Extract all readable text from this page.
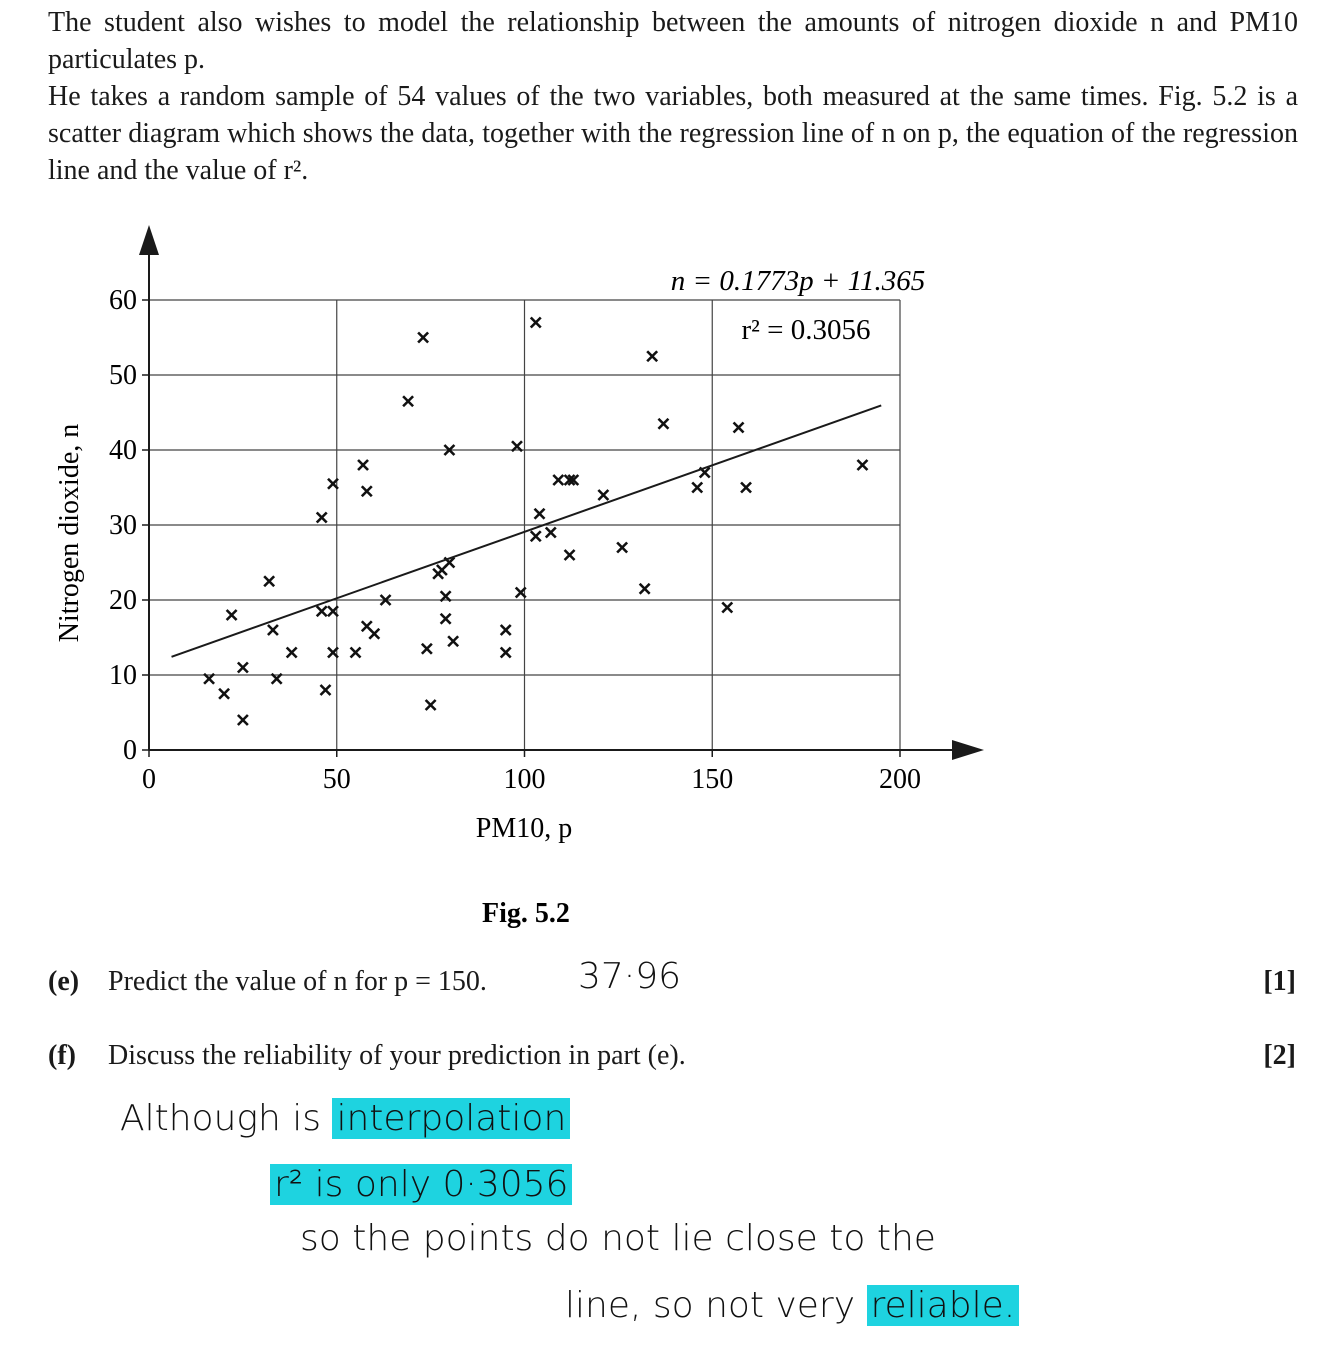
The student also wishes to model the relationship between the amounts of nitrogen dioxide n and PM10 particulates p.

He takes a random sample of 54 values of the two variables, both measured at the same times. Fig. 5.2 is a scatter diagram which shows the data, together with the regression line of n on p, the equation of the regression line and the value of r².

0	50	100	150	200
0
10
20
30
40
50
60
n = 0.1773p + 11.365
r² = 0.3056
PM10, p
Nitrogen dioxide, n
Fig. 5.2
(e) Predict the value of n for p = 150.	[1]
37·96
(f) Discuss the reliability of your prediction in part (e).	[2]
Although is interpolation
r² is only 0·3056
so the points do not lie close to the
line, so not very reliable.
